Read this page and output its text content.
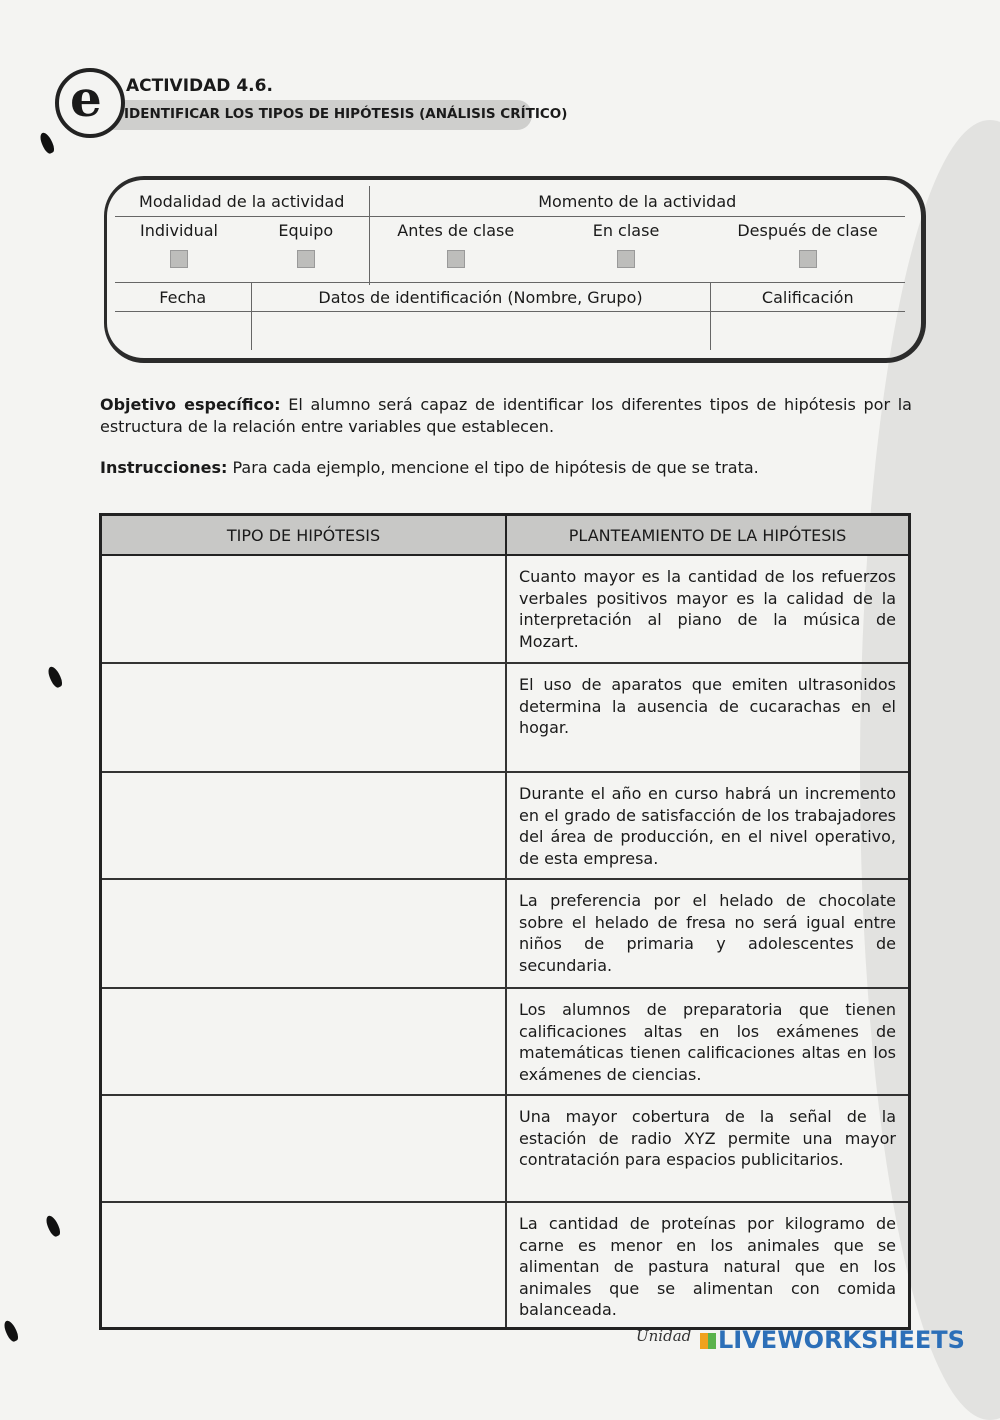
e ACTIVIDAD 4.6.
IDENTIFICAR LOS TIPOS DE HIPÓTESIS (ANÁLISIS CRÍTICO)
Modalidad de la actividad		Momento de la actividad		
Individual	Equipo	Antes de clase	En clase	Después de clase
Fecha	Datos de identificación (Nombre, Grupo)	Calificación

Objetivo específico: El alumno será capaz de identificar los diferentes tipos de hipótesis por la estructura de la relación entre variables que establecen.
Instrucciones: Para cada ejemplo, mencione el tipo de hipótesis de que se trata.
TIPO DE HIPÓTESIS	PLANTEAMIENTO DE LA HIPÓTESIS
	Cuanto mayor es la cantidad de los refuerzos verbales positivos mayor es la calidad de la interpretación al piano de la música de Mozart.
	El uso de aparatos que emiten ultrasonidos determina la ausencia de cucarachas en el hogar.
	Durante el año en curso habrá un incremento en el grado de satisfacción de los trabajadores del área de producción, en el nivel operativo, de esta empresa.
	La preferencia por el helado de chocolate sobre el helado de fresa no será igual entre niños de primaria y adolescentes de secundaria.
	Los alumnos de preparatoria que tienen calificaciones altas en los exámenes de matemáticas tienen calificaciones altas en los exámenes de ciencias.
	Una mayor cobertura de la señal de la estación de radio XYZ permite una mayor contratación para espacios publicitarios.
	La cantidad de proteínas por kilogramo de carne es menor en los animales que se alimentan de pastura natural que en los animales que se alimentan con comida balanceada.
Unidad	LIVEWORKSHEETS
